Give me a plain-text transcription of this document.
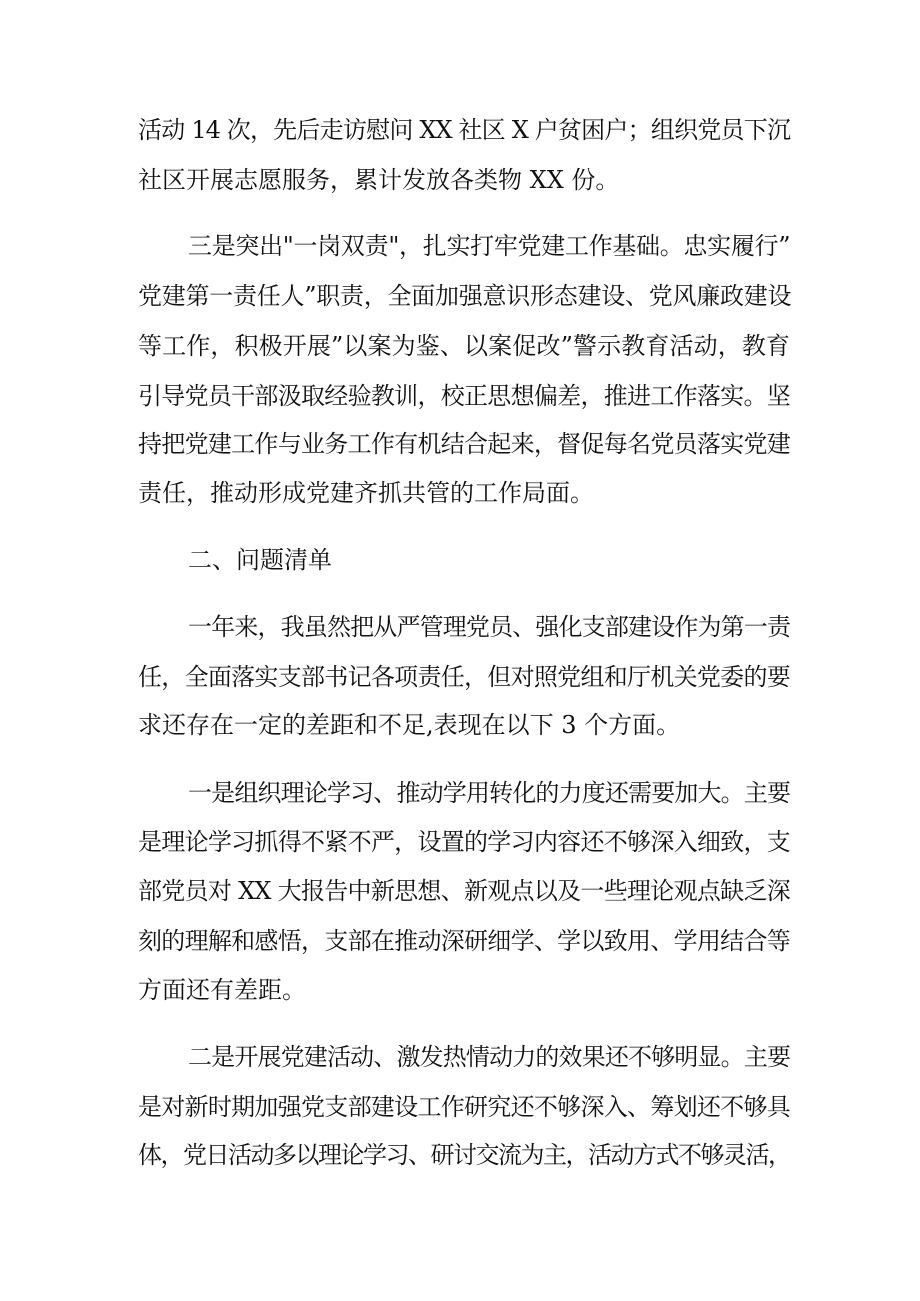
活动 14 次，先后走访慰问 XX 社区 X 户贫困户；组织党员下沉
社区开展志愿服务，累计发放各类物 XX 份。
三是突出"一岗双责"，扎实打牢党建工作基础。忠实履行”
党建第一责任人”职责，全面加强意识形态建设、党风廉政建设
等工作，积极开展”以案为鉴、以案促改”警示教育活动，教育
引导党员干部汲取经验教训，校正思想偏差，推进工作落实。坚
持把党建工作与业务工作有机结合起来，督促每名党员落实党建
责任，推动形成党建齐抓共管的工作局面。
二、问题清单
一年来，我虽然把从严管理党员、强化支部建设作为第一责
任，全面落实支部书记各项责任，但对照党组和厅机关党委的要
求还存在一定的差距和不足,表现在以下 3 个方面。
一是组织理论学习、推动学用转化的力度还需要加大。主要
是理论学习抓得不紧不严，设置的学习内容还不够深入细致，支
部党员对 XX 大报告中新思想、新观点以及一些理论观点缺乏深
刻的理解和感悟，支部在推动深研细学、学以致用、学用结合等
方面还有差距。
二是开展党建活动、激发热情动力的效果还不够明显。主要
是对新时期加强党支部建设工作研究还不够深入、筹划还不够具
体，党日活动多以理论学习、研讨交流为主，活动方式不够灵活，
